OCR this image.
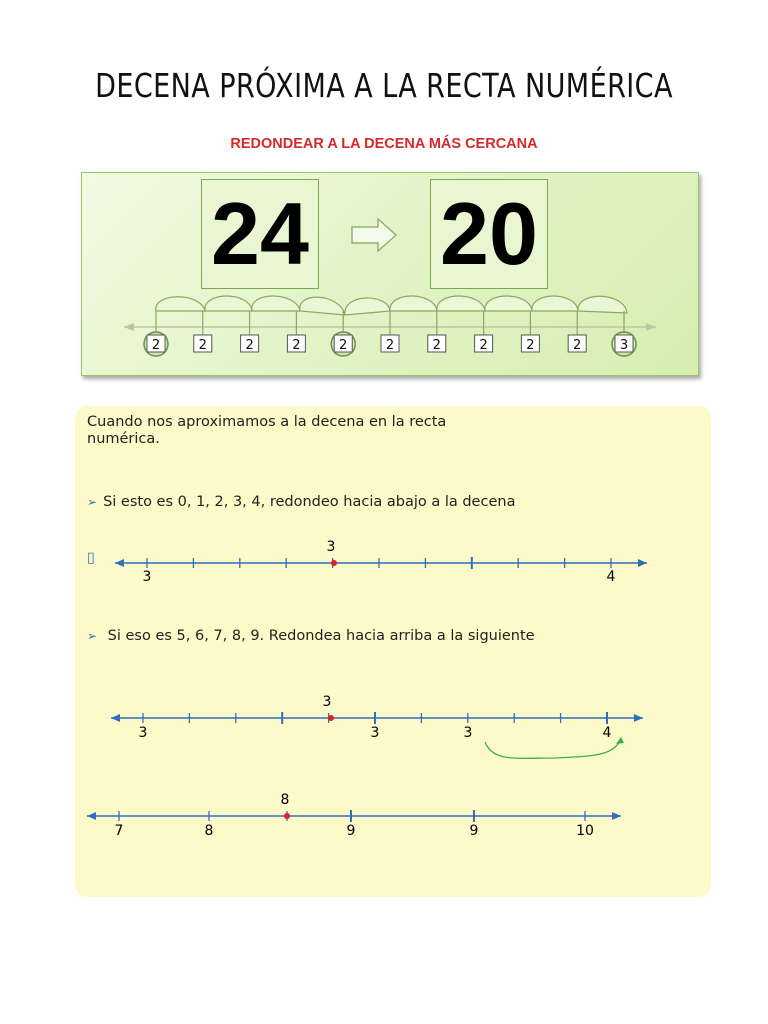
DECENA PRÓXIMA A LA RECTA NUMÉRICA
REDONDEAR A LA DECENA MÁS CERCANA
24 20
2	2	2	2	2	2	2	2	2	2	3
Cuando nos aproximamos a la decena en la recta numérica.
➢ Si esto es 0, 1, 2, 3, 4, redondeo hacia abajo a la decena
▯
3
3	4
➢ Si eso es 5, 6, 7, 8, 9. Redondea hacia arriba a la siguiente
3
3	3	3	4
8
7	8	9	9	10
